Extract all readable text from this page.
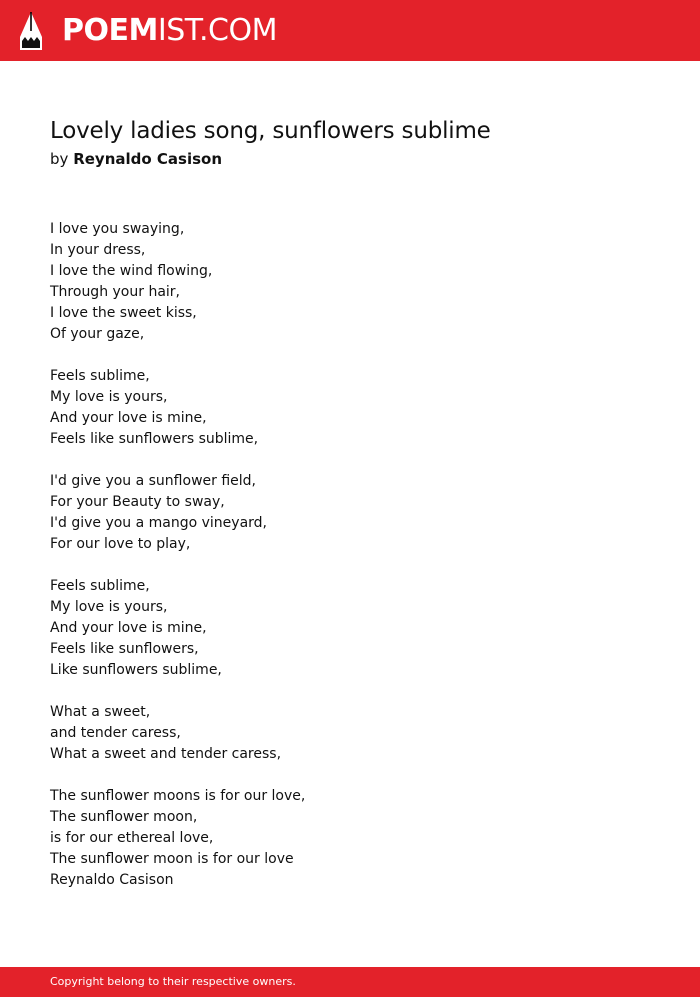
POEMIST.COM
Lovely ladies song, sunflowers sublime
by Reynaldo Casison
I love you swaying,
In your dress,
I love the wind flowing,
Through your hair,
I love the sweet kiss,
Of your gaze,
Feels sublime,
My love is yours,
And your love is mine,
Feels like sunflowers sublime,
I'd give you a sunflower field,
For your Beauty to sway,
I'd give you a mango vineyard,
For our love to play,
Feels sublime,
My love is yours,
And your love is mine,
Feels like sunflowers,
Like sunflowers sublime,
What a sweet,
and tender caress,
What a sweet and tender caress,
The sunflower moons is for our love,
The sunflower moon,
is for our ethereal love,
The sunflower moon is for our love
Reynaldo Casison
Copyright belong to their respective owners.
